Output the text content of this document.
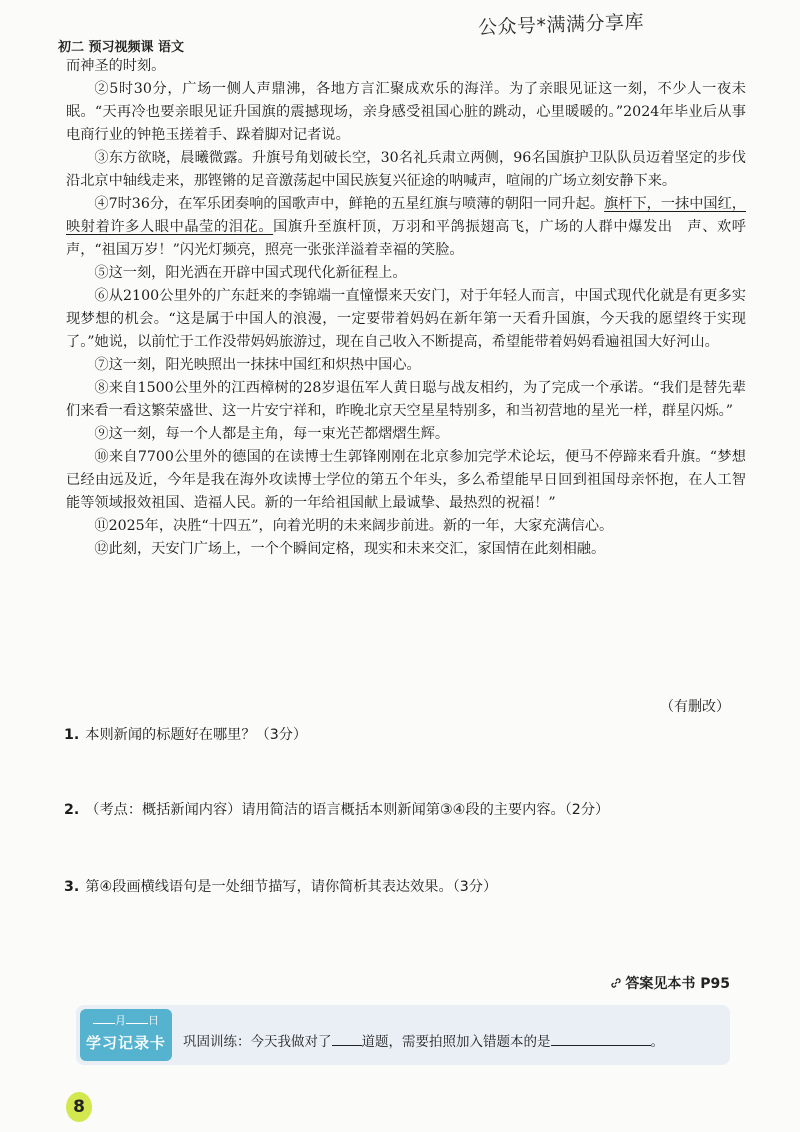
初二 预习视频课 语文
公众号*满满分享库

而神圣的时刻。

②5时30分，广场一侧人声鼎沸，各地方言汇聚成欢乐的海洋。为了亲眼见证这一刻，不少人一夜未眠。“天再冷也要亲眼见证升国旗的震撼现场，亲身感受祖国心脏的跳动，心里暖暖的。”2024年毕业后从事电商行业的钟艳玉搓着手、跺着脚对记者说。

③东方欲晓，晨曦微露。升旗号角划破长空，30名礼兵肃立两侧，96名国旗护卫队队员迈着坚定的步伐沿北京中轴线走来，那铿锵的足音激荡起中国民族复兴征途的呐喊声，喧闹的广场立刻安静下来。

④7时36分，在军乐团奏响的国歌声中，鲜艳的五星红旗与喷薄的朝阳一同升起。旗杆下，一抹中国红，映射着许多人眼中晶莹的泪花。国旗升至旗杆顶，万羽和平鸽振翅高飞，广场的人群中爆发出　声、欢呼声，“祖国万岁！”闪光灯频亮，照亮一张张洋溢着幸福的笑脸。

⑤这一刻，阳光洒在开辟中国式现代化新征程上。

⑥从2100公里外的广东赶来的李锦端一直憧憬来天安门，对于年轻人而言，中国式现代化就是有更多实现梦想的机会。“这是属于中国人的浪漫，一定要带着妈妈在新年第一天看升国旗，今天我的愿望终于实现了。”她说，以前忙于工作没带妈妈旅游过，现在自己收入不断提高，希望能带着妈妈看遍祖国大好河山。

⑦这一刻，阳光映照出一抹抹中国红和炽热中国心。

⑧来自1500公里外的江西樟树的28岁退伍军人黄日聪与战友相约，为了完成一个承诺。“我们是替先辈们来看一看这繁荣盛世、这一片安宁祥和，昨晚北京天空星星特别多，和当初营地的星光一样，群星闪烁。”

⑨这一刻，每一个人都是主角，每一束光芒都熠熠生辉。

⑩来自7700公里外的德国的在读博士生郭锋刚刚在北京参加完学术论坛，便马不停蹄来看升旗。“梦想已经由远及近，今年是我在海外攻读博士学位的第五个年头，多么希望能早日回到祖国母亲怀抱，在人工智能等领域报效祖国、造福人民。新的一年给祖国献上最诚挚、最热烈的祝福！”

⑪2025年，决胜“十四五”，向着光明的未来阔步前进。新的一年，大家充满信心。

⑫此刻，天安门广场上，一个个瞬间定格，现实和未来交汇，家国情在此刻相融。

（有删改）
1. 本则新闻的标题好在哪里？（3分）
2. （考点：概括新闻内容）请用简洁的语言概括本则新闻第③④段的主要内容。（2分）
3. 第④段画横线语句是一处细节描写，请你简析其表达效果。（3分）
答案见本书 P95
月 日
学习记录卡	巩固训练：今天我做对了 道题，需要拍照加入错题本的是	。
8
